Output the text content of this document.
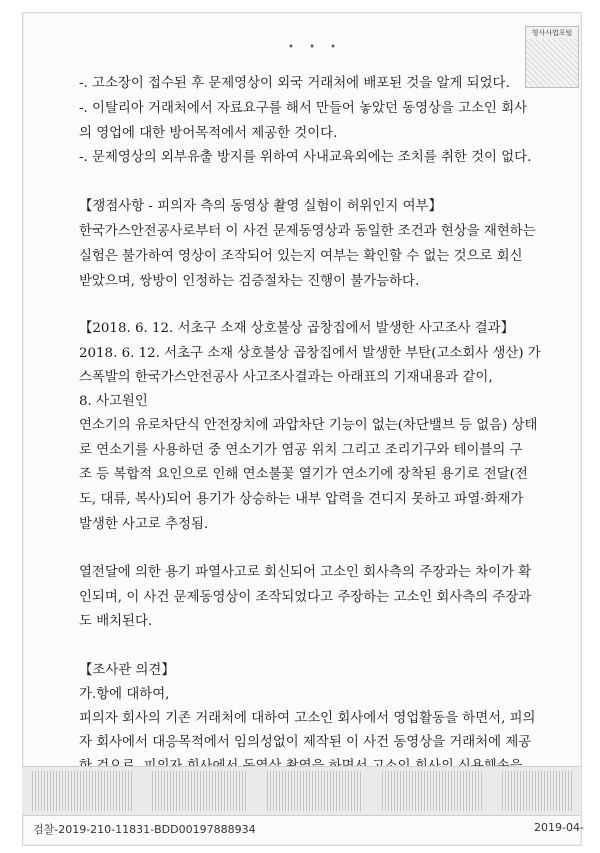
형사사법포털
• • •
-. 고소장이 접수된 후 문제영상이 외국 거래처에 배포된 것을 알게 되었다.
-. 이탈리아 거래처에서 자료요구를 해서 만들어 놓았던 동영상을 고소인 회사
의 영업에 대한 방어목적에서 제공한 것이다.
-. 문제영상의 외부유출 방지를 위하여 사내교육외에는 조치를 취한 것이 없다.
【쟁점사항 - 피의자 측의 동영상 촬영 실험이 허위인지 여부】
한국가스안전공사로부터 이 사건 문제동영상과 동일한 조건과 현상을 재현하는
실험은 불가하여 영상이 조작되어 있는지 여부는 확인할 수 없는 것으로 회신
받았으며, 쌍방이 인정하는 검증절차는 진행이 불가능하다.
【2018. 6. 12. 서초구 소재 상호불상 곱창집에서 발생한 사고조사 결과】
2018. 6. 12. 서초구 소재 상호불상 곱창집에서 발생한 부탄(고소회사 생산) 가
스폭발의 한국가스안전공사 사고조사결과는 아래표의 기재내용과 같이,
8. 사고원인
연소기의 유로차단식 안전장치에 과압차단 기능이 없는(차단밸브 등 없음) 상태
로 연소기를 사용하던 중 연소기가 염공 위치 그리고 조리기구와 테이블의 구
조 등 복합적 요인으로 인해 연소불꽃 열기가 연소기에 장착된 용기로 전달(전
도, 대류, 복사)되어 용기가 상승하는 내부 압력을 견디지 못하고 파열·화재가
발생한 사고로 추정됨.
열전달에 의한 용기 파열사고로 회신되어 고소인 회사측의 주장과는 차이가 확
인되며, 이 사건 문제동영상이 조작되었다고 주장하는 고소인 회사측의 주장과
도 배치된다.
【조사관 의견】
가.항에 대하여,
피의자 회사의 기존 거래처에 대하여 고소인 회사에서 영업활동을 하면서, 피의
자 회사에서 대응목적에서 임의성없이 제작된 이 사건 동영상을 거래처에 제공
검찰-2019-210-11831-BDD00197888934	2019-04-
